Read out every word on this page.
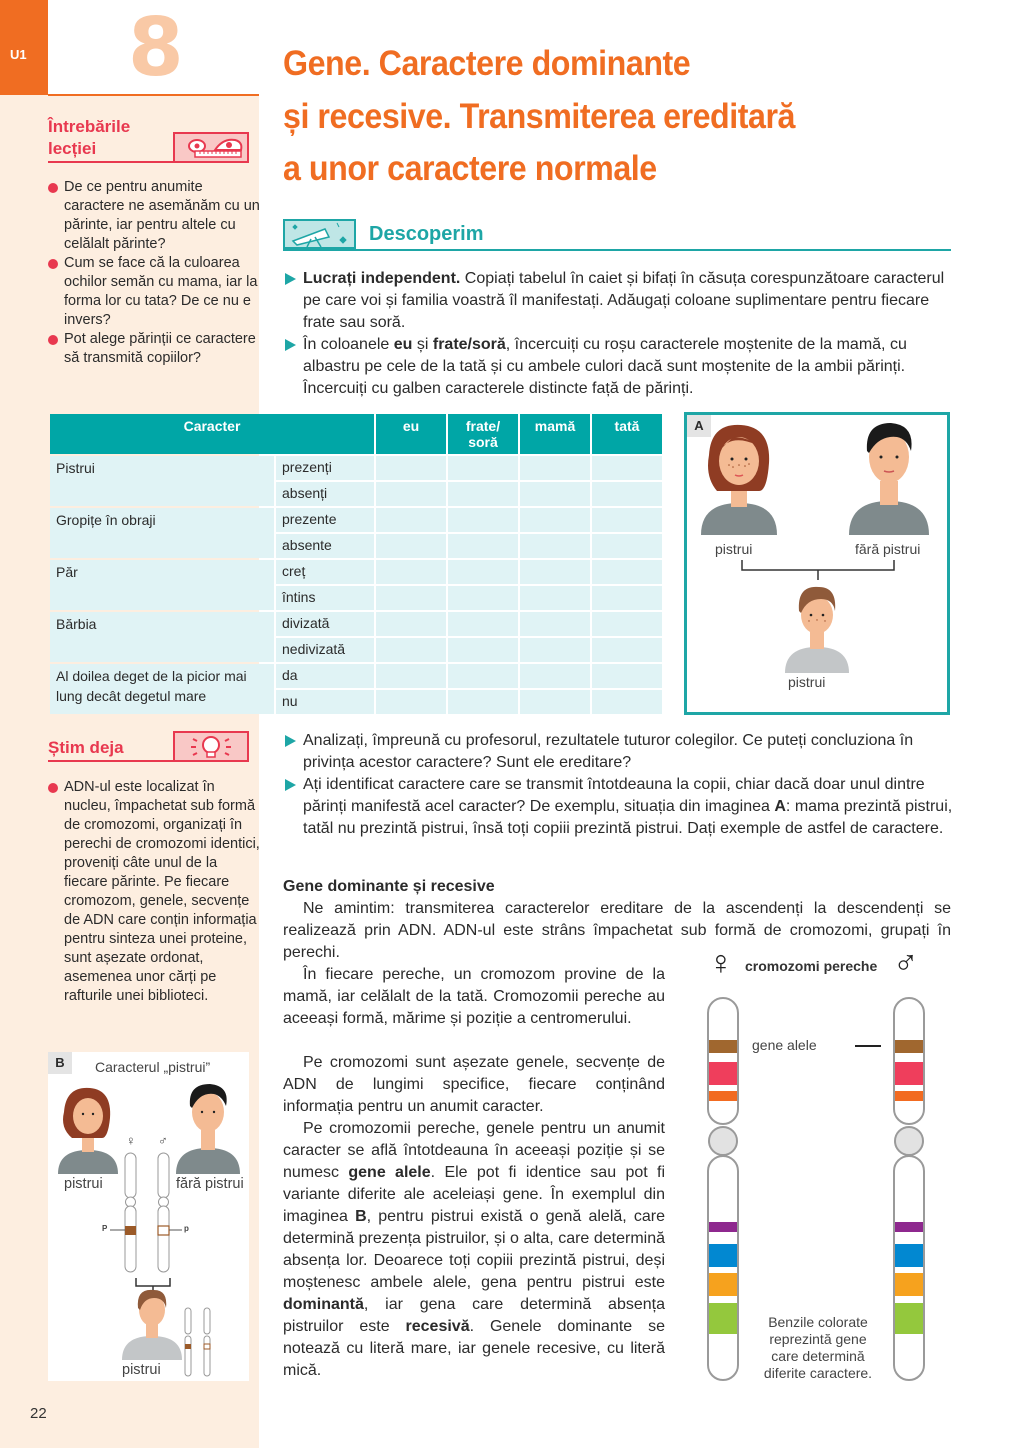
U1 8	Gene. Caractere dominante
și recesive. Transmiterea ereditară
a unor caractere normale
Întrebările
lecției
De ce pentru anumite caractere ne asemănăm cu un părinte, iar pentru altele cu celălalt părinte?
Cum se face că la culoarea ochilor semăn cu mama, iar la forma lor cu tata? De ce nu e invers?
Pot alege părinții ce caractere să transmită copiilor?
Descoperim
Lucrați independent. Copiați tabelul în caiet și bifați în căsuța corespunzătoare caracterul pe care voi și familia voastră îl manifestați. Adăugați coloane suplimentare pentru fiecare frate sau soră.
În coloanele eu și frate/soră, încercuiți cu roșu caracterele moștenite de la mamă, cu albastru pe cele de la tată și cu ambele culori dacă sunt moștenite de la ambii părinți. Încercuiți cu galben caracterele distincte față de părinți.
Caracter		eu	frate/ soră	mamă	tată
Pistrui	prezenți				
	absenți				
Gropițe în obraji	prezente				
	absente				
Păr	creț				
	întins				
Bărbia	divizată				
	nedivizată				
Al doilea deget de la picior mai lung decât degetul mare	da				
	nu				
A
pistrui	fără pistrui
pistrui
Știm deja
ADN-ul este localizat în nucleu, împachetat sub formă de cromozomi, organizați în perechi de cromozomi identici, proveniți câte unul de la fiecare părinte. Pe fiecare cromozom, genele, secvențe de ADN care conțin informația pentru sinteza unei proteine, sunt așezate ordonat, asemenea unor cărți pe rafturile unei biblioteci.
B	Caracterul „pistrui”
♀ ♂
P	p
pistrui	fără pistrui
pistrui
22
Analizați, împreună cu profesorul, rezultatele tuturor colegilor. Ce puteți concluziona în privința acestor caractere? Sunt ele ereditare?
Ați identificat caractere care se transmit întotdeauna la copii, chiar dacă doar unul dintre părinți manifestă acel caracter? De exemplu, situația din imaginea A: mama prezintă pistrui, tatăl nu prezintă pistrui, însă toți copiii prezintă pistrui. Dați exemple de astfel de caractere.
Gene dominante și recesive
Ne amintim: transmiterea caracterelor ereditare de la ascendenți la descendenți se realizează prin ADN. ADN-ul este strâns împachetat sub formă de cromozomi, grupați în perechi.
În fiecare pereche, un cromozom provine de la mamă, iar celălalt de la tată. Cromozomii pereche au aceeași formă, mărime și poziție a centromerului.
Pe cromozomi sunt așezate genele, secvențe de ADN de lungimi specifice, fiecare conținând informația pentru un anumit caracter.
Pe cromozomii pereche, genele pentru un anumit caracter se află întotdeauna în aceeași poziție și se numesc gene alele. Ele pot fi identice sau pot fi variante diferite ale aceleiași gene. În exemplul din imaginea B, pentru pistrui există o genă alelă, care determină prezența pistruilor, și o alta, care determină absența lor. Deoarece toți copiii prezintă pistrui, deși moștenesc ambele alele, gena pentru pistrui este dominantă, iar gena care determină absența pistruilor este recesivă. Genele dominante se notează cu literă mare, iar genele recesive, cu literă mică.
cromozomi pereche
♀	♂
gene alele
Benzile colorate reprezintă gene care determină diferite caractere.
